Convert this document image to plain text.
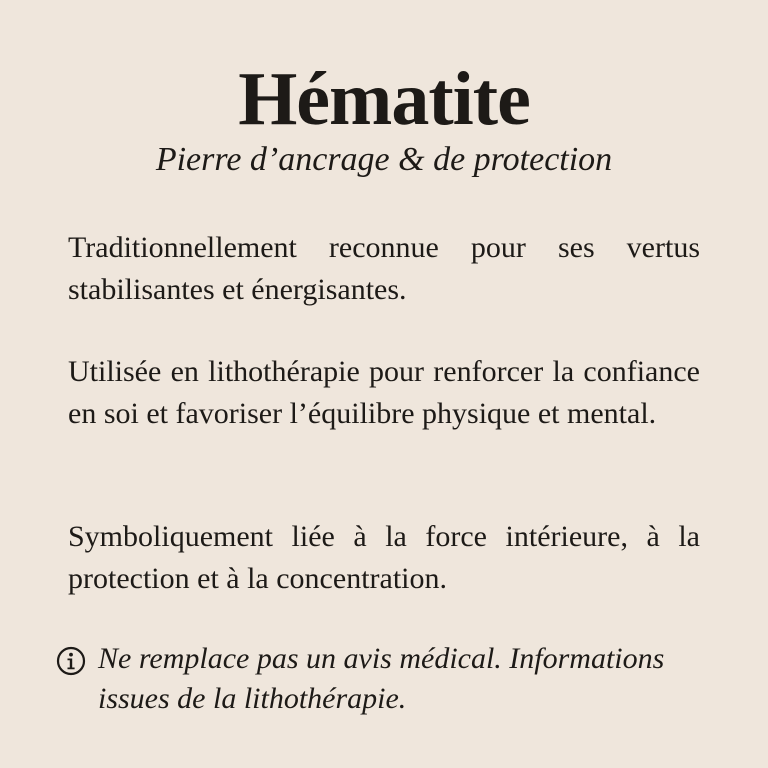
Hématite

Pierre d’ancrage & de protection

Traditionnellement reconnue pour ses vertus stabilisantes et énergisantes.

Utilisée en lithothérapie pour renforcer la confiance en soi et favoriser l’équilibre physique et mental.

Symboliquement liée à la force intérieure, à la protection et à la concentration.

Ne remplace pas un avis médical. Informations issues de la lithothérapie.
